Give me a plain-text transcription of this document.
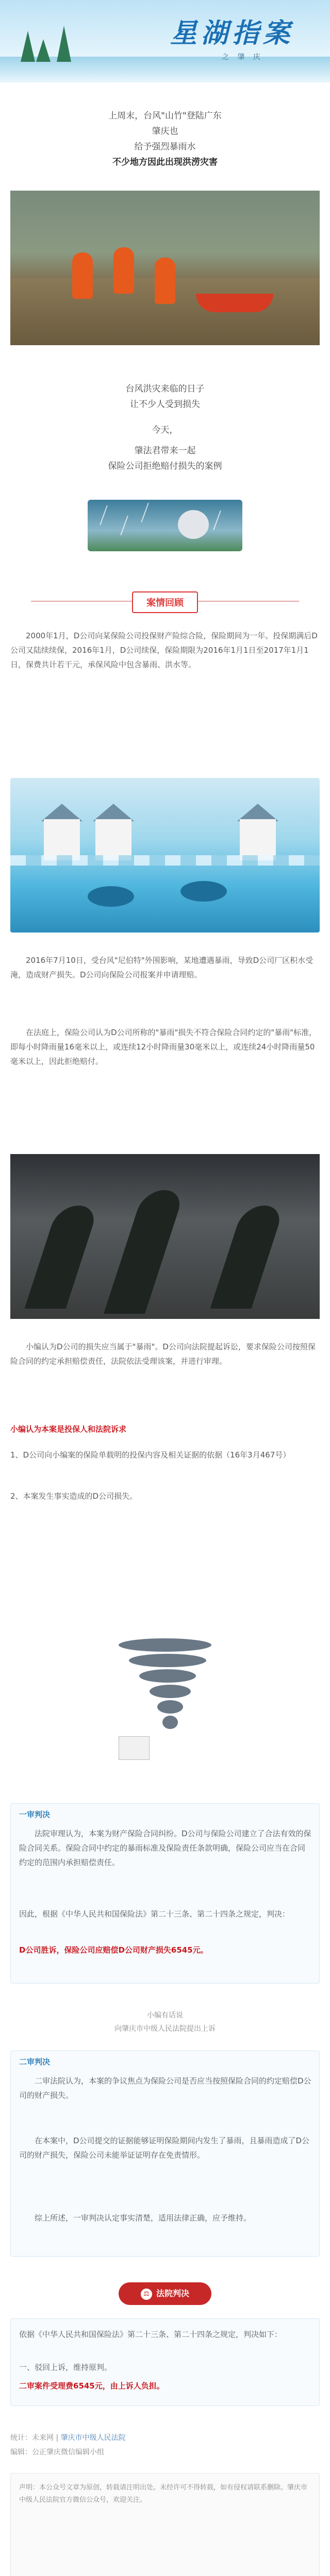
星湖指案
之 肇 庆
上周末，台风"山竹"登陆广东
肇庆也
给予强烈暴雨水
不少地方因此出现洪涝灾害
台风洪灾来临的日子
让不少人受到损失
今天，
肇法君带来一起
保险公司拒绝赔付损失的案例
案情回顾
2000年1月，D公司向某保险公司投保财产险综合险，保险期间为一年。投保期满后D公司又陆续续保，2016年1月，D公司续保，保险期限为2016年1月1日至2017年1月1日，保费共计若干元，承保风险中包含暴雨、洪水等。
2016年7月10日，受台风"尼伯特"外围影响，某地遭遇暴雨，导致D公司厂区积水受淹，造成财产损失。D公司向保险公司报案并申请理赔。
在法庭上，保险公司认为D公司所称的"暴雨"损失不符合保险合同约定的"暴雨"标准，即每小时降雨量16毫米以上，或连续12小时降雨量30毫米以上，或连续24小时降雨量50毫米以上，因此拒绝赔付。
小编认为D公司的损失应当属于"暴雨"。D公司向法院提起诉讼，要求保险公司按照保险合同的约定承担赔偿责任，法院依法受理该案，并进行审理。
小编认为本案是投保人和法院诉求
1、D公司向小编案的保险单载明的投保内容及相关证据的依据（16年3月467号）
2、本案发生事实造成的D公司损失。
一审判决
法院审理认为，本案为财产保险合同纠纷。D公司与保险公司建立了合法有效的保险合同关系。保险合同中约定的暴雨标准及保险责任条款明确，保险公司应当在合同约定的范围内承担赔偿责任。
因此，根据《中华人民共和国保险法》第二十三条、第二十四条之规定，判决：
D公司胜诉，保险公司应赔偿D公司财产损失6545元。
小编有话说
向肇庆市中级人民法院提出上诉
二审判决
二审法院认为，本案的争议焦点为保险公司是否应当按照保险合同的约定赔偿D公司的财产损失。
在本案中，D公司提交的证据能够证明保险期间内发生了暴雨，且暴雨造成了D公司的财产损失，保险公司未能举证证明存在免责情形。
综上所述，一审判决认定事实清楚，适用法律正确，应予维持。
⚖ 法院判决
依据《中华人民共和国保险法》第二十三条、第二十四条之规定，判决如下：
一、驳回上诉，维持原判。
二审案件受理费6545元，由上诉人负担。
统计：未来网 | 肇庆市中级人民法院
编辑：公正肇庆微信编辑小组
声明：本公众号文章为原创，转载请注明出处。未经许可不得转载，如有侵权请联系删除。肇庆市中级人民法院官方微信公众号，欢迎关注。
